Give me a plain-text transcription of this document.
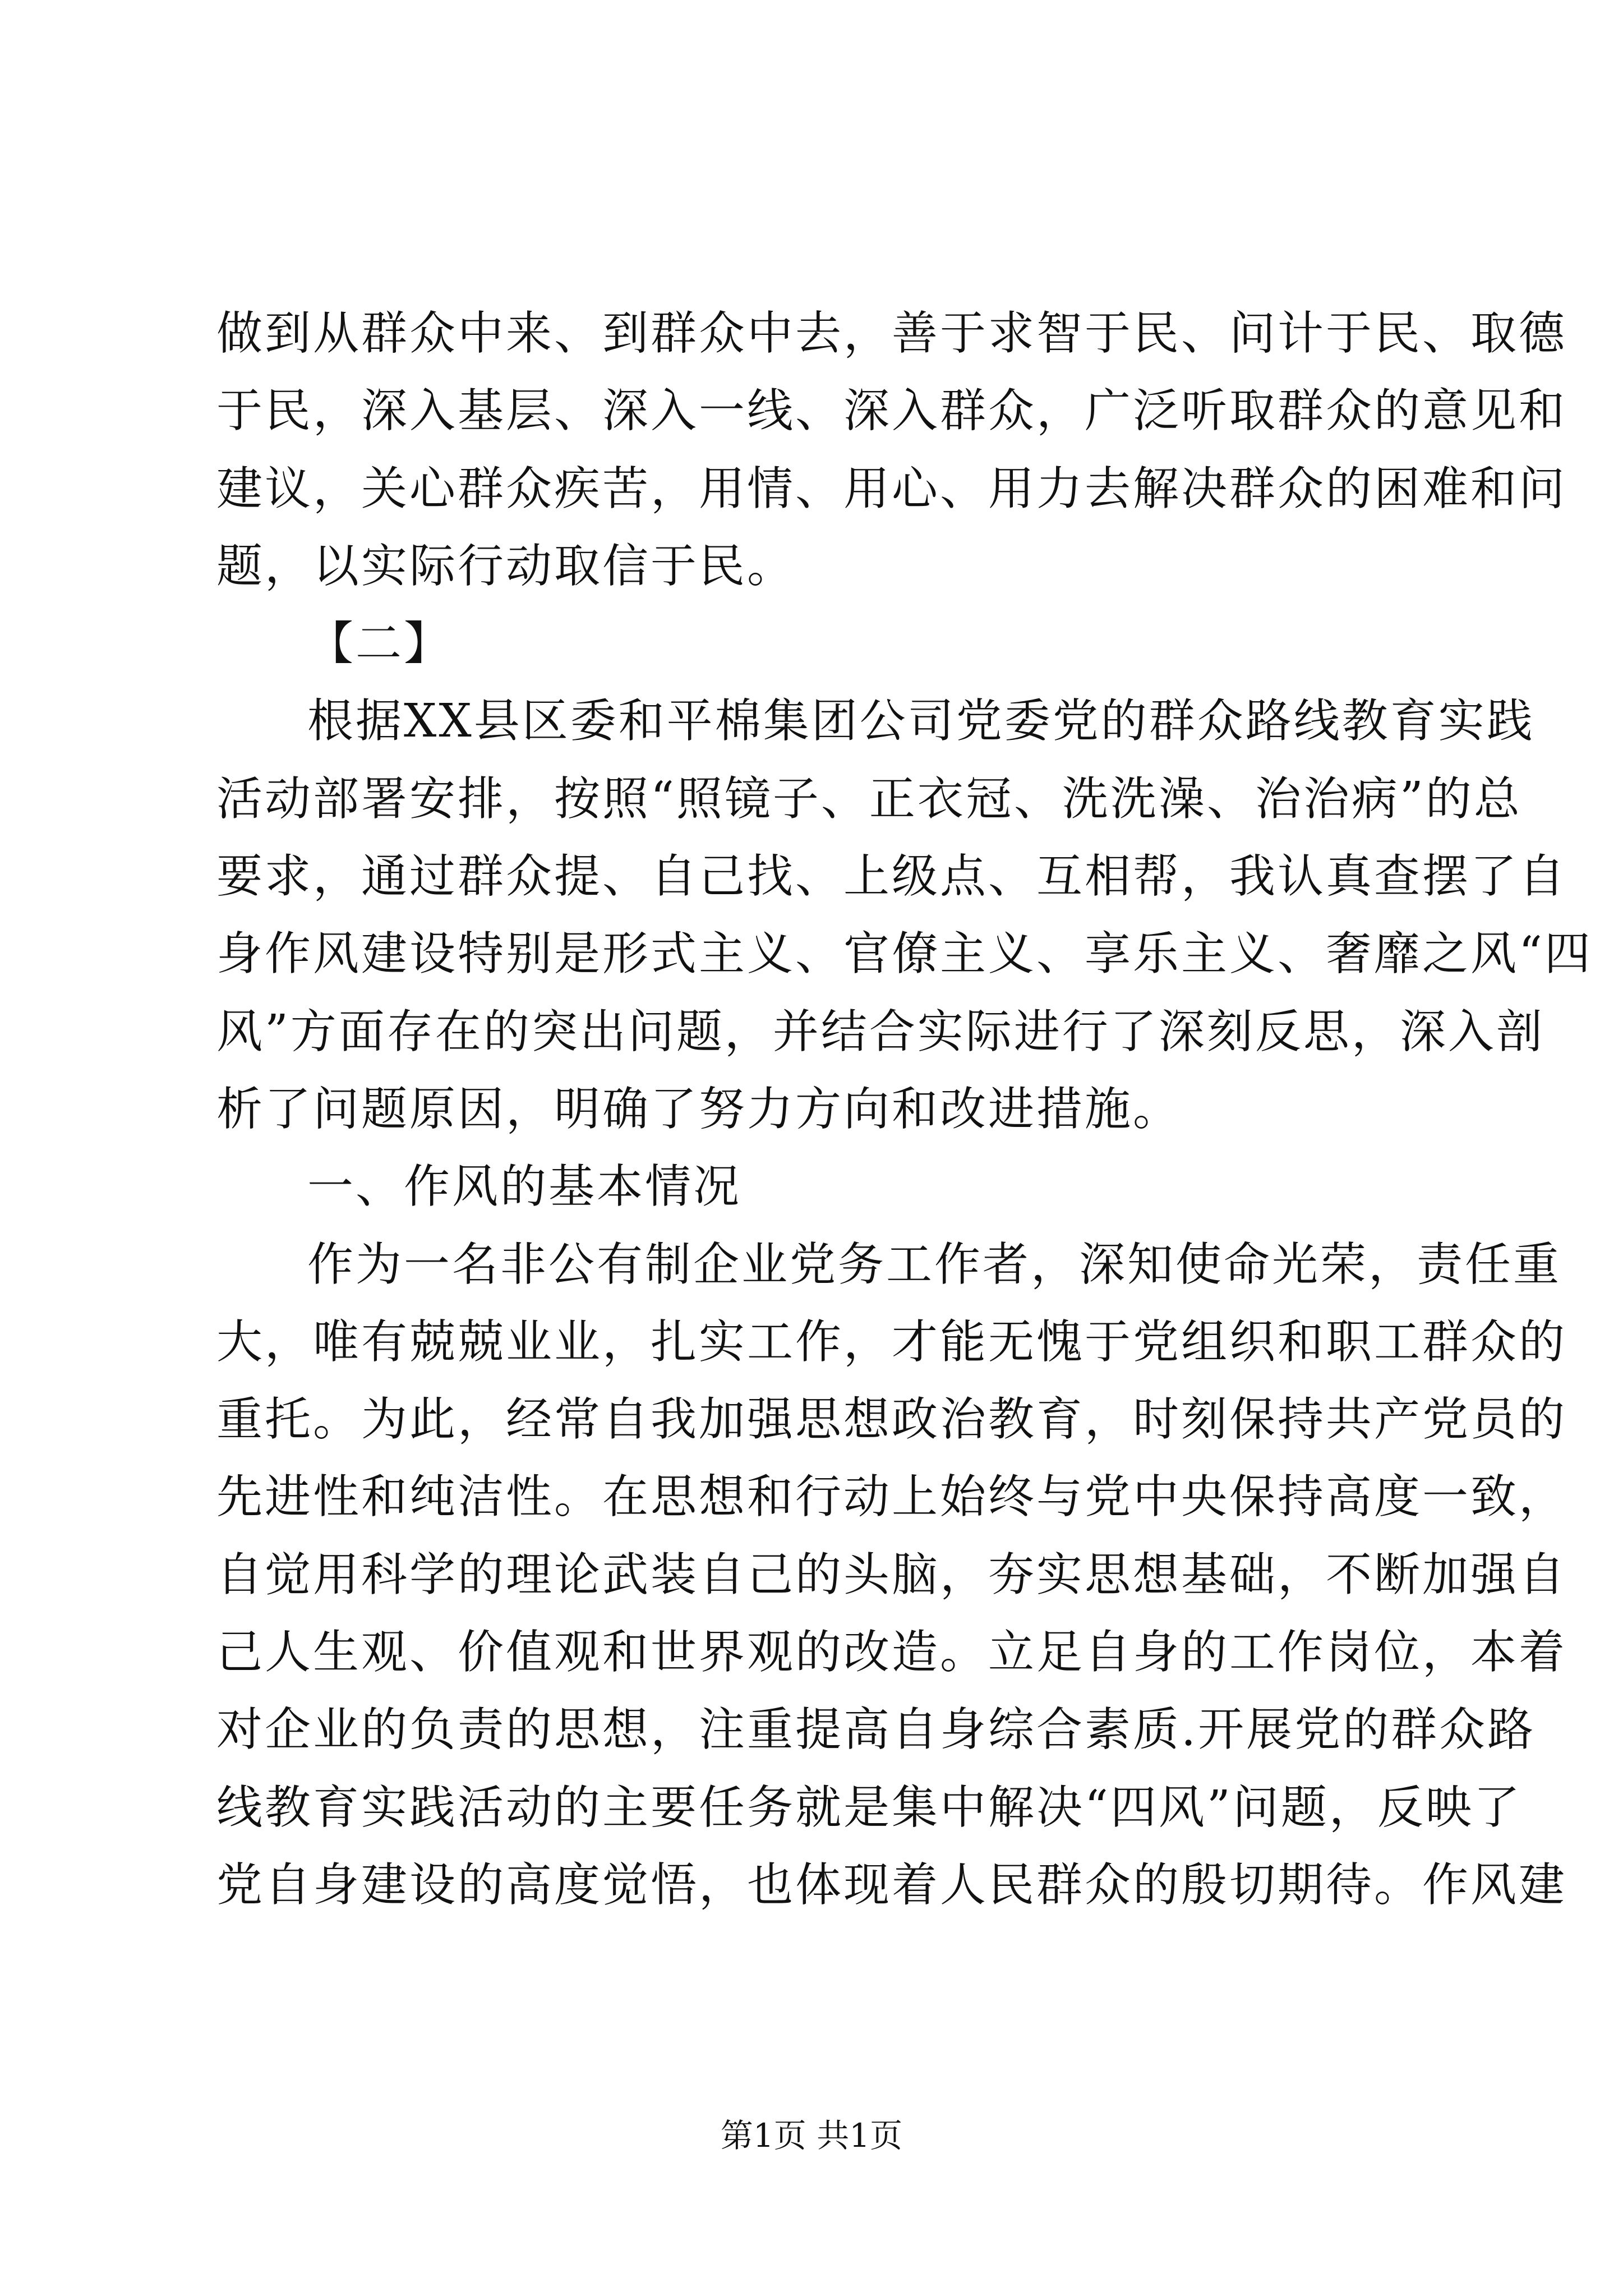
做到从群众中来、到群众中去，善于求智于民、问计于民、取德
于民，深入基层、深入一线、深入群众，广泛听取群众的意见和
建议，关心群众疾苦，用情、用心、用力去解决群众的困难和问
题，以实际行动取信于民。
【二】
根据XX县区委和平棉集团公司党委党的群众路线教育实践
活动部署安排，按照“照镜子、正衣冠、洗洗澡、治治病”的总
要求，通过群众提、自己找、上级点、互相帮，我认真查摆了自
身作风建设特别是形式主义、官僚主义、享乐主义、奢靡之风“四
风”方面存在的突出问题，并结合实际进行了深刻反思，深入剖
析了问题原因，明确了努力方向和改进措施。
一、作风的基本情况
作为一名非公有制企业党务工作者，深知使命光荣，责任重
大，唯有兢兢业业，扎实工作，才能无愧于党组织和职工群众的
重托。为此，经常自我加强思想政治教育，时刻保持共产党员的
先进性和纯洁性。在思想和行动上始终与党中央保持高度一致，
自觉用科学的理论武装自己的头脑，夯实思想基础，不断加强自
己人生观、价值观和世界观的改造。立足自身的工作岗位，本着
对企业的负责的思想，注重提高自身综合素质.开展党的群众路
线教育实践活动的主要任务就是集中解决“四风”问题，反映了
党自身建设的高度觉悟，也体现着人民群众的殷切期待。作风建
第1页 共1页
